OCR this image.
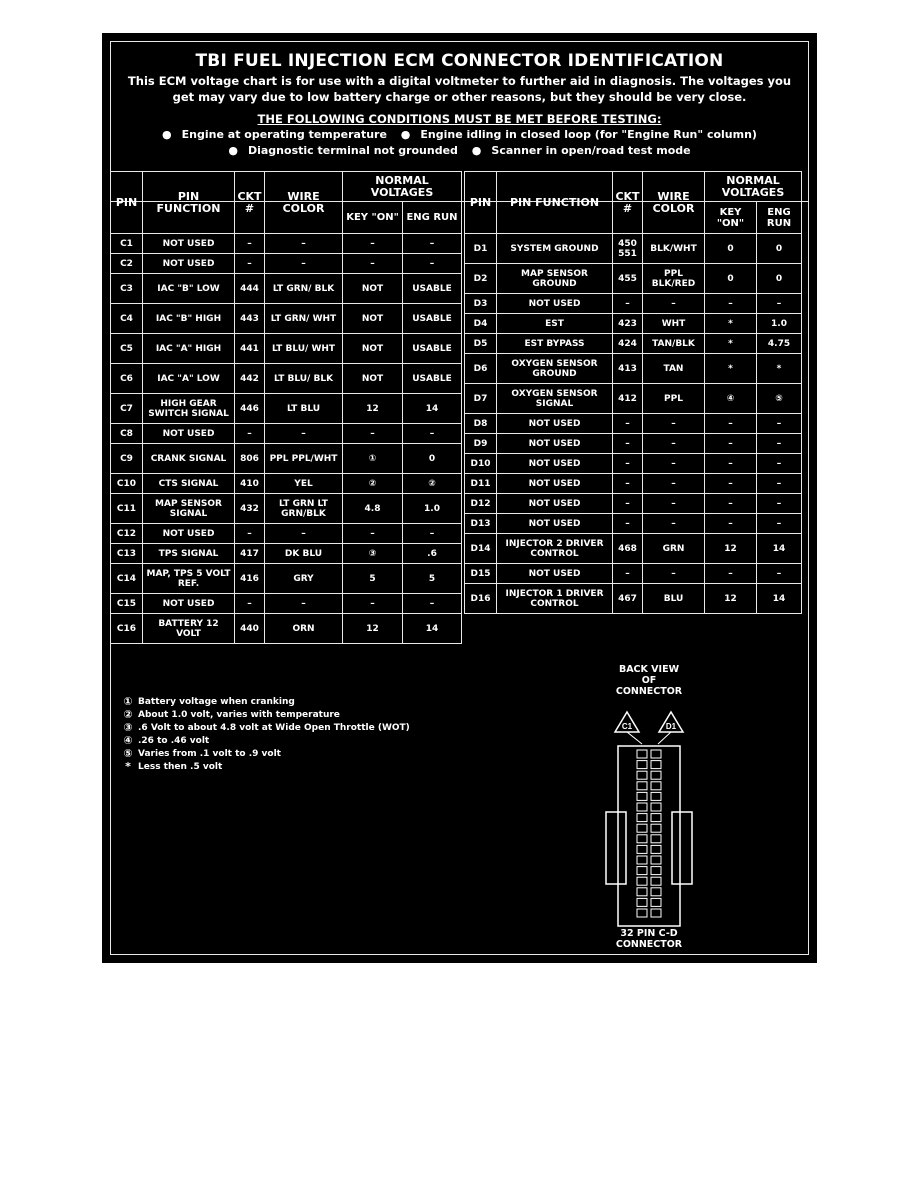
TBI FUEL INJECTION ECM CONNECTOR IDENTIFICATION
This ECM voltage chart is for use with a digital voltmeter to further aid in diagnosis. The voltages you
get may vary due to low battery charge or other reasons, but they should be very close.
THE FOLLOWING CONDITIONS MUST BE MET BEFORE TESTING:
● Engine at operating temperature ● Engine idling in closed loop (for "Engine Run" column)
● Diagnostic terminal not grounded ● Scanner in open/road test mode
PIN	PIN FUNCTION	CKT #	WIRE COLOR	NORMAL VOLTAGES	
				KEY "ON"	ENG RUN
C1	NOT USED	–	–	–	–
C2	NOT USED	–	–	–	–
C3	IAC "B" LOW	444	LT GRN/ BLK	NOT	USABLE
C4	IAC "B" HIGH	443	LT GRN/ WHT	NOT	USABLE
C5	IAC "A" HIGH	441	LT BLU/ WHT	NOT	USABLE
C6	IAC "A" LOW	442	LT BLU/ BLK	NOT	USABLE
C7	HIGH GEAR SWITCH SIGNAL	446	LT BLU	12	14
C8	NOT USED	–	–	–	–
C9	CRANK SIGNAL	806	PPL PPL/WHT	①	0
C10	CTS SIGNAL	410	YEL	②	②
C11	MAP SENSOR SIGNAL	432	LT GRN LT GRN/BLK	4.8	1.0
C12	NOT USED	–	–	–	–
C13	TPS SIGNAL	417	DK BLU	③	.6
C14	MAP, TPS 5 VOLT REF.	416	GRY	5	5
C15	NOT USED	–	–	–	–
C16	BATTERY 12 VOLT	440	ORN	12	14
PIN	PIN FUNCTION	CKT #	WIRE COLOR	NORMAL VOLTAGES	
				KEY "ON"	ENG RUN
D1	SYSTEM GROUND	450 551	BLK/WHT	0	0
D2	MAP SENSOR GROUND	455	PPL BLK/RED	0	0
D3	NOT USED	–	–	–	–
D4	EST	423	WHT	*	1.0
D5	EST BYPASS	424	TAN/BLK	*	4.75
D6	OXYGEN SENSOR GROUND	413	TAN	*	*
D7	OXYGEN SENSOR SIGNAL	412	PPL	④	⑤
D8	NOT USED	–	–	–	–
D9	NOT USED	–	–	–	–
D10	NOT USED	–	–	–	–
D11	NOT USED	–	–	–	–
D12	NOT USED	–	–	–	–
D13	NOT USED	–	–	–	–
D14	INJECTOR 2 DRIVER CONTROL	468	GRN	12	14
D15	NOT USED	–	–	–	–
D16	INJECTOR 1 DRIVER CONTROL	467	BLU	12	14
① Battery voltage when cranking
② About 1.0 volt, varies with temperature
③ .6 Volt to about 4.8 volt at Wide Open Throttle (WOT)
④ .26 to .46 volt
⑤ Varies from .1 volt to .9 volt
* Less then .5 volt
BACK VIEW
OF
CONNECTOR
C1	D1
32 PIN C-D
CONNECTOR
